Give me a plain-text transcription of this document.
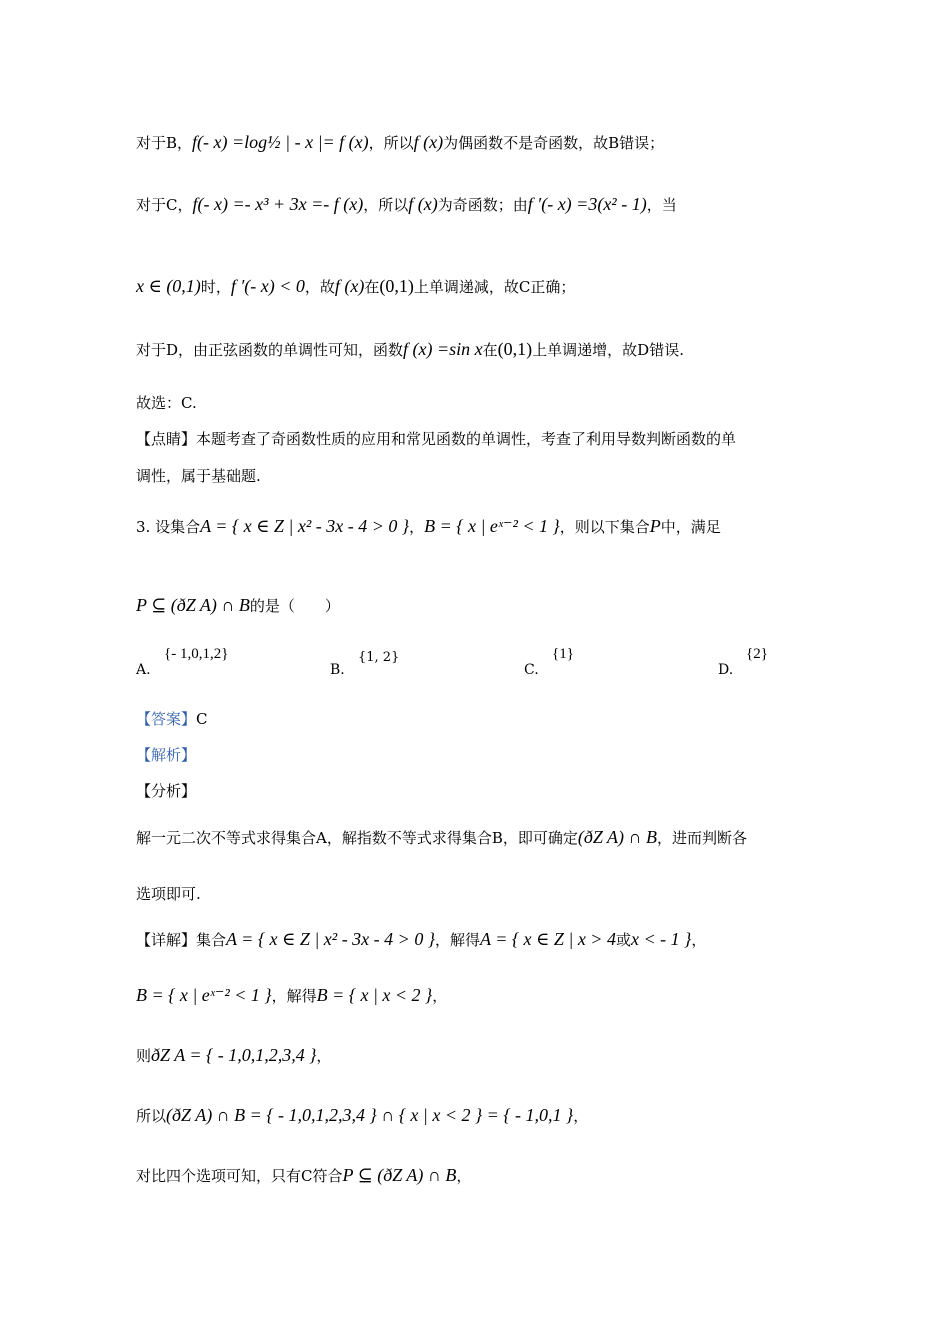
对于B，f(- x) =log½ | - x |= f (x)，所以f (x)为偶函数不是奇函数，故B错误；
对于C，f(- x) =- x³ + 3x =- f (x)，所以f (x)为奇函数；由f ′(- x) =3(x² - 1)，当
x ∈ (0,1)时，f ′(- x) < 0，故f (x)在(0,1)上单调递减，故C正确；
对于D，由正弦函数的单调性可知，函数f (x) =sin x在(0,1)上单调递增，故D错误.
故选：C.
【点睛】本题考查了奇函数性质的应用和常见函数的单调性，考查了利用导数判断函数的单
调性，属于基础题.
3. 设集合A = { x ∈ Z | x² - 3x - 4 > 0 }，B = { x | eˣ⁻² < 1 }，则以下集合P中，满足
P ⊆ (ðZ A) ∩ B的是（　　）
A.
{- 1,0,1,2}
B.
{1, 2}
C.
{1}
D.
{2}
【答案】C
【解析】
【分析】
解一元二次不等式求得集合A，解指数不等式求得集合B，即可确定(ðZ A) ∩ B，进而判断各
选项即可.
【详解】集合A = { x ∈ Z | x² - 3x - 4 > 0 }，解得A = { x ∈ Z | x > 4或x < - 1 }，
B = { x | eˣ⁻² < 1 }，解得B = { x | x < 2 }，
则ðZ A = { - 1,0,1,2,3,4 }，
所以(ðZ A) ∩ B = { - 1,0,1,2,3,4 } ∩ { x | x < 2 } = { - 1,0,1 }，
对比四个选项可知，只有C符合P ⊆ (ðZ A) ∩ B，
